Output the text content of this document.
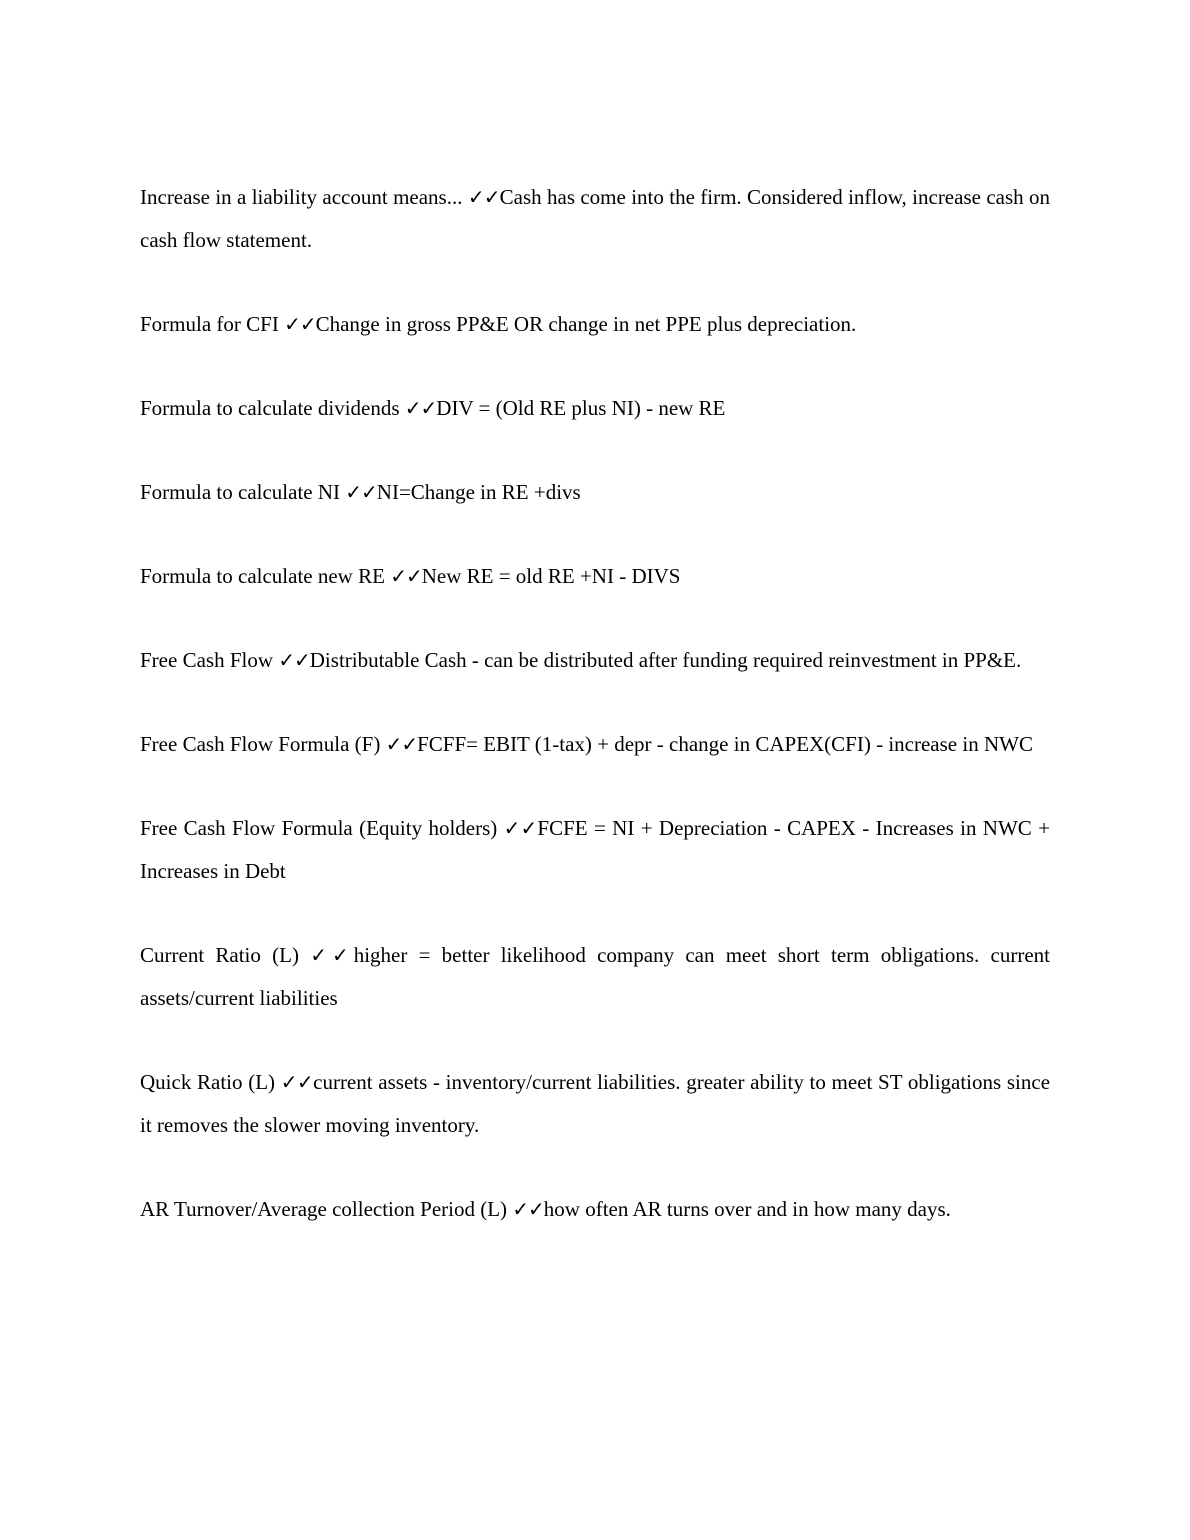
Increase in a liability account means... ✓✓Cash has come into the firm. Considered inflow, increase cash on cash flow statement.

Formula for CFI ✓✓Change in gross PP&E OR change in net PPE plus depreciation.

Formula to calculate dividends ✓✓DIV = (Old RE plus NI) - new RE

Formula to calculate NI ✓✓NI=Change in RE +divs

Formula to calculate new RE ✓✓New RE = old RE +NI - DIVS

Free Cash Flow ✓✓Distributable Cash - can be distributed after funding required reinvestment in PP&E.

Free Cash Flow Formula (F) ✓✓FCFF= EBIT (1-tax) + depr - change in CAPEX(CFI) - increase in NWC

Free Cash Flow Formula (Equity holders) ✓✓FCFE = NI + Depreciation - CAPEX - Increases in NWC + Increases in Debt

Current Ratio (L) ✓✓higher = better likelihood company can meet short term obligations. current assets/current liabilities

Quick Ratio (L) ✓✓current assets - inventory/current liabilities. greater ability to meet ST obligations since it removes the slower moving inventory.

AR Turnover/Average collection Period (L) ✓✓how often AR turns over and in how many days.
